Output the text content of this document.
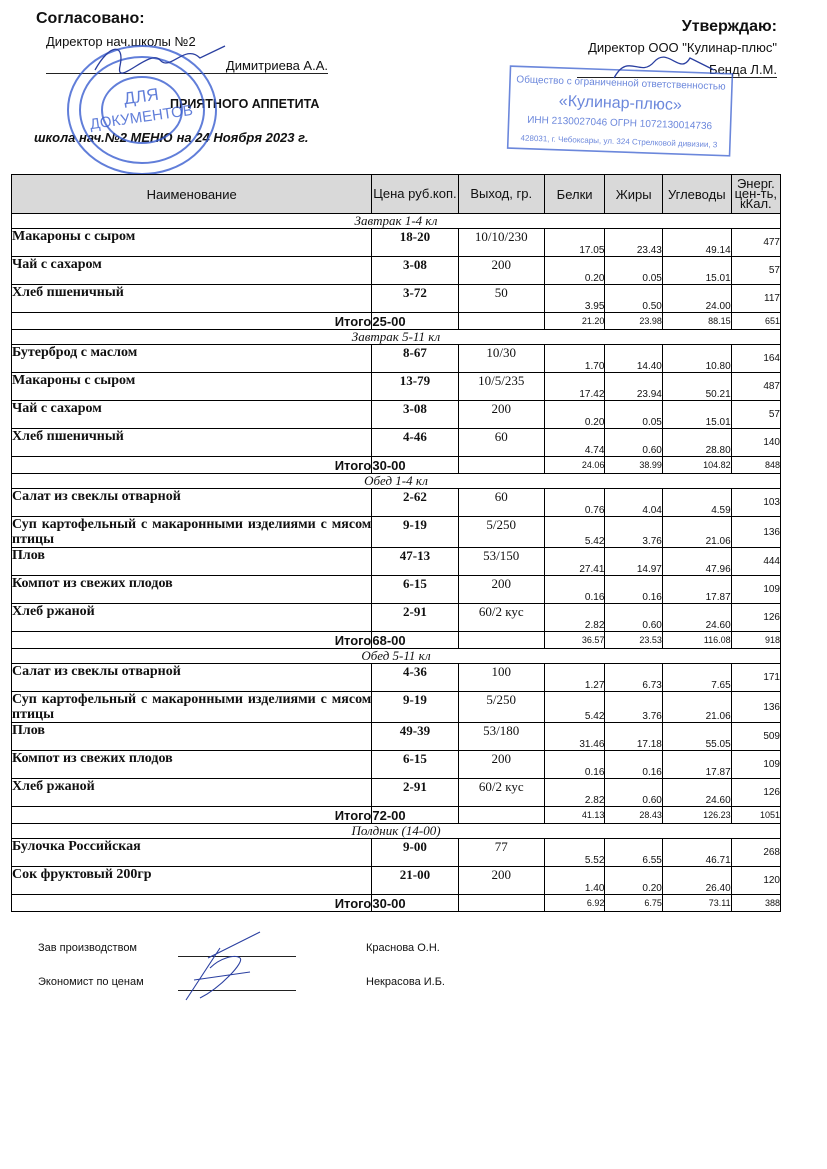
Согласовано:
Директор нач.школы №2
Димитриева А.А.
Утверждаю:
Директор ООО "Кулинар-плюс"
Бенда Л.М.
ПРИЯТНОГО АППЕТИТА
школа нач.№2 МЕНЮ на 24 Ноября 2023 г.
ДЛЯ
ДОКУМЕНТОВ
Общество с ограниченной ответственностью
«Кулинар-плюс»
ИНН 2130027046 ОГРН 1072130014736
428031, г. Чебоксары, ул. 324 Стрелковой дивизии, 3
Наименование	Цена руб.коп.	Выход, гр.	Белки	Жиры	Углеводы	Энерг. цен-ть, кКал.
Завтрак 1-4 кл						
Макароны с сыром	18-20	10/10/230	17.05	23.43	49.14	477
Чай с сахаром	3-08	200	0.20	0.05	15.01	57
Хлеб пшеничный	3-72	50	3.95	0.50	24.00	117
Итого	25-00		21.20	23.98	88.15	651
Завтрак 5-11 кл						
Бутерброд с маслом	8-67	10/30	1.70	14.40	10.80	164
Макароны с сыром	13-79	10/5/235	17.42	23.94	50.21	487
Чай с сахаром	3-08	200	0.20	0.05	15.01	57
Хлеб пшеничный	4-46	60	4.74	0.60	28.80	140
Итого	30-00		24.06	38.99	104.82	848
Обед 1-4 кл						
Салат из свеклы отварной	2-62	60	0.76	4.04	4.59	103
Суп картофельный с макаронными изделиями с мясом птицы	9-19	5/250	5.42	3.76	21.06	136
Плов	47-13	53/150	27.41	14.97	47.96	444
Компот из свежих плодов	6-15	200	0.16	0.16	17.87	109
Хлеб ржаной	2-91	60/2 кус	2.82	0.60	24.60	126
Итого	68-00		36.57	23.53	116.08	918
Обед 5-11 кл						
Салат из свеклы отварной	4-36	100	1.27	6.73	7.65	171
Суп картофельный с макаронными изделиями с мясом птицы	9-19	5/250	5.42	3.76	21.06	136
Плов	49-39	53/180	31.46	17.18	55.05	509
Компот из свежих плодов	6-15	200	0.16	0.16	17.87	109
Хлеб ржаной	2-91	60/2 кус	2.82	0.60	24.60	126
Итого	72-00		41.13	28.43	126.23	1051
Полдник (14-00)						
Булочка Российская	9-00	77	5.52	6.55	46.71	268
Сок фруктовый 200гр	21-00	200	1.40	0.20	26.40	120
Итого	30-00		6.92	6.75	73.11	388
Зав производством	Краснова О.Н.
Экономист по ценам	Некрасова И.Б.
